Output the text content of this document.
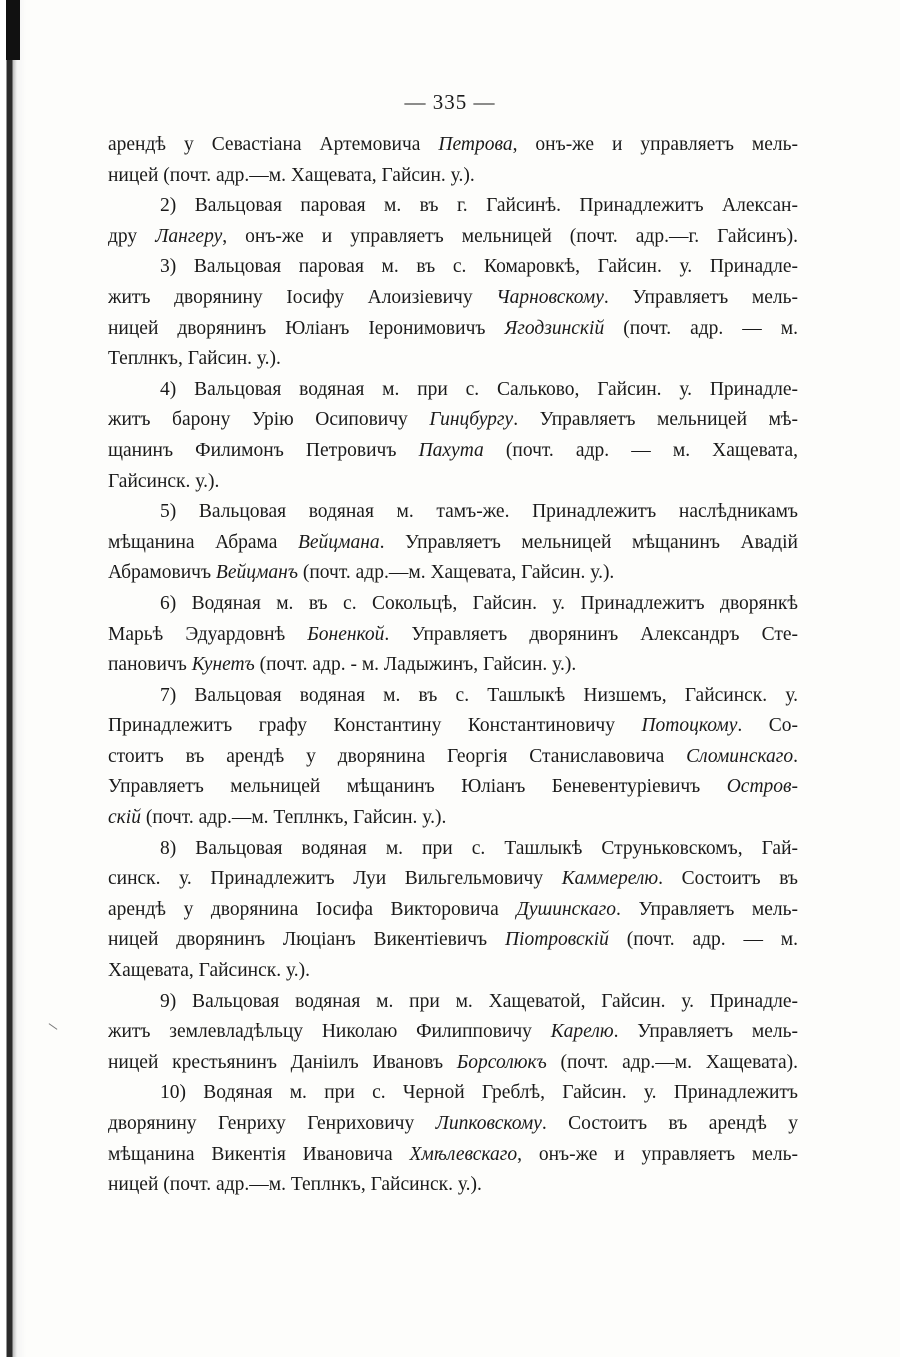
— 335 —
арендѣ у Севастiана Артемовича Петрова, онъ-же и управляетъ мель-
ницей (почт. адр.—м. Хащевата, Гайсин. у.).
2) Вальцовая паровая м. въ г. Гайсинѣ. Принадлежитъ Алексан-
дру Лангеру, онъ-же и управляетъ мельницей (почт. адр.—г. Гайсинъ).
3) Вальцовая паровая м. въ с. Комаровкѣ, Гайсин. у. Принадле-
житъ дворянину Iосифу Алоизiевичу Чарновскому. Управляетъ мель-
ницей дворянинъ Юлiанъ Iеронимовичъ Ягодзинскiй (почт. адр. — м.
Теплнкъ, Гайсин. у.).
4) Вальцовая водяная м. при с. Сальково, Гайсин. у. Принадле-
житъ барону Урiю Осиповичу Гинцбургу. Управляетъ мельницей мѣ-
щанинъ Филимонъ Петровичъ Пахута (почт. адр. — м. Хащевата,
Гайсинск. у.).
5) Вальцовая водяная м. тамъ-же. Принадлежитъ наслѣдникамъ
мѣщанина Абрама Вейцмана. Управляетъ мельницей мѣщанинъ Авадiй
Абрамовичъ Вейцманъ (почт. адр.—м. Хащевата, Гайсин. у.).
6) Водяная м. въ с. Сокольцѣ, Гайсин. у. Принадлежитъ дворянкѣ
Марьѣ Эдуардовнѣ Боненкой. Управляетъ дворянинъ Александръ Сте-
пановичъ Кунетъ (почт. адр. - м. Ладыжинъ, Гайсин. у.).
7) Вальцовая водяная м. въ с. Ташлыкѣ Низшемъ, Гайсинск. у.
Принадлежитъ графу Константину Константиновичу Потоцкому. Со-
стоитъ въ арендѣ у дворянина Георгiя Станиславовича Сломинскаго.
Управляетъ мельницей мѣщанинъ Юлiанъ Беневентурiевичъ Остров-
скiй (почт. адр.—м. Теплнкъ, Гайсин. у.).
8) Вальцовая водяная м. при с. Ташлыкѣ Струньковскомъ, Гай-
синск. у. Принадлежитъ Луи Вильгельмовичу Каммерелю. Состоитъ въ
арендѣ у дворянина Iосифа Викторовича Душинскаго. Управляетъ мель-
ницей дворянинъ Люцiанъ Викентiевичъ Пiотровскiй (почт. адр. — м.
Хащевата, Гайсинск. у.).
9) Вальцовая водяная м. при м. Хащеватой, Гайсин. у. Принадле-
житъ землевладѣльцу Николаю Филипповичу Карелю. Управляетъ мель-
ницей крестьянинъ Данiилъ Ивановъ Борсолюкъ (почт. адр.—м. Хащевата).
10) Водяная м. при с. Черной Греблѣ, Гайсин. у. Принадлежитъ
дворянину Генриху Генриховичу Липковскому. Состоитъ въ арендѣ у
мѣщанина Викентiя Ивановича Хмѣлевскаго, онъ-же и управляетъ мель-
ницей (почт. адр.—м. Теплнкъ, Гайсинск. у.).
